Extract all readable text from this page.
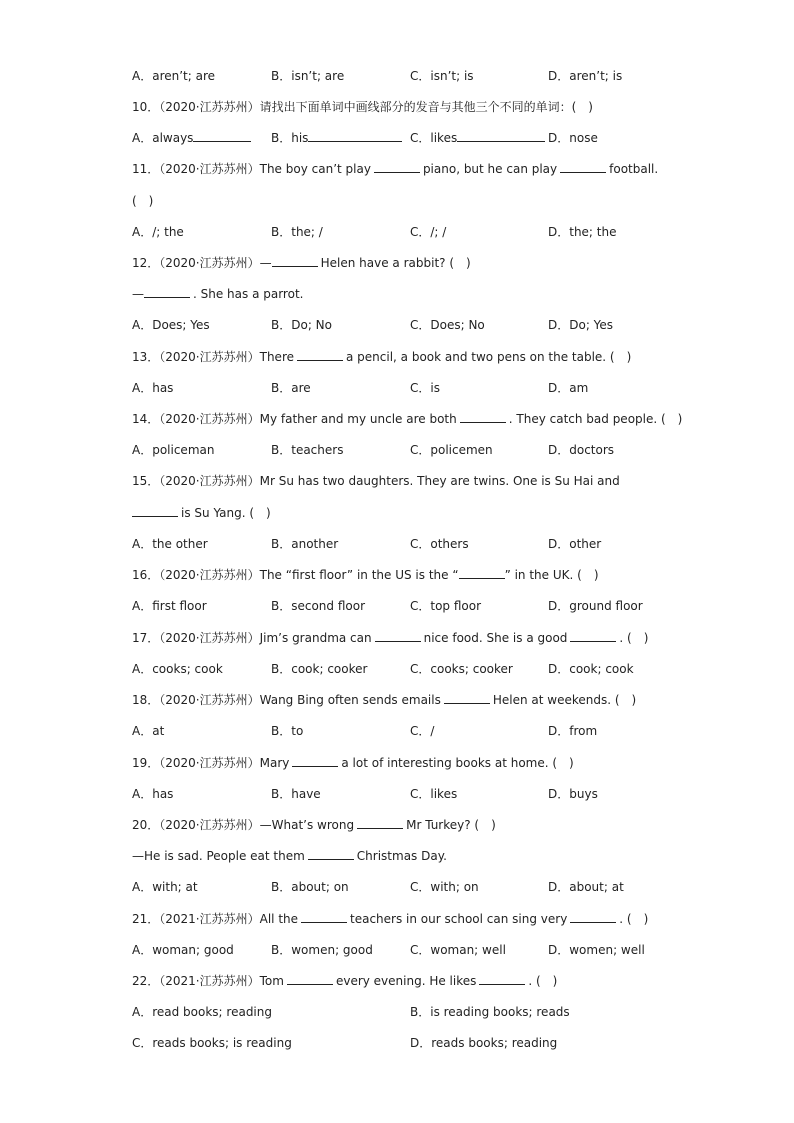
A．aren’t; are	B．isn’t; are	C．isn’t; is	D．aren’t; is
10．（2020·江苏苏州）请找出下面单词中画线部分的发音与其他三个不同的单词：(　)
A．always	B．his	C．likes	D．nose
11．（2020·江苏苏州）The boy can’t play	piano, but he can play	football.
(　)
A．/; the	B．the; /	C．/; /	D．the; the
12．（2020·江苏苏州）—	Helen have a rabbit? (　)
—	. She has a parrot.
A．Does; Yes	B．Do; No	C．Does; No	D．Do; Yes
13．（2020·江苏苏州）There	a pencil, a book and two pens on the table. (　)
A．has	B．are	C．is	D．am
14．（2020·江苏苏州）My father and my uncle are both	. They catch bad people. (　)
A．policeman	B．teachers	C．policemen	D．doctors
15．（2020·江苏苏州）Mr Su has two daughters. They are twins. One is Su Hai and
is Su Yang. (　)
A．the other	B．another	C．others	D．other
16．（2020·江苏苏州）The “first floor” in the US is the “	” in the UK. (　)
A．first floor	B．second floor	C．top floor	D．ground floor
17．（2020·江苏苏州）Jim’s grandma can	nice food. She is a good	. (　)
A．cooks; cook	B．cook; cooker	C．cooks; cooker	D．cook; cook
18．（2020·江苏苏州）Wang Bing often sends emails	Helen at weekends. (　)
A．at	B．to	C．/	D．from
19．（2020·江苏苏州）Mary	a lot of interesting books at home. (　)
A．has	B．have	C．likes	D．buys
20．（2020·江苏苏州）—What’s wrong	Mr Turkey? (　)
—He is sad. People eat them	Christmas Day.
A．with; at	B．about; on	C．with; on	D．about; at
21．（2021·江苏苏州）All the	teachers in our school can sing very	. (　)
A．woman; good	B．women; good	C．woman; well	D．women; well
22．（2021·江苏苏州）Tom	every evening. He likes	. (　)
A．read books; reading	B．is reading books; reads
C．reads books; is reading	D．reads books; reading
